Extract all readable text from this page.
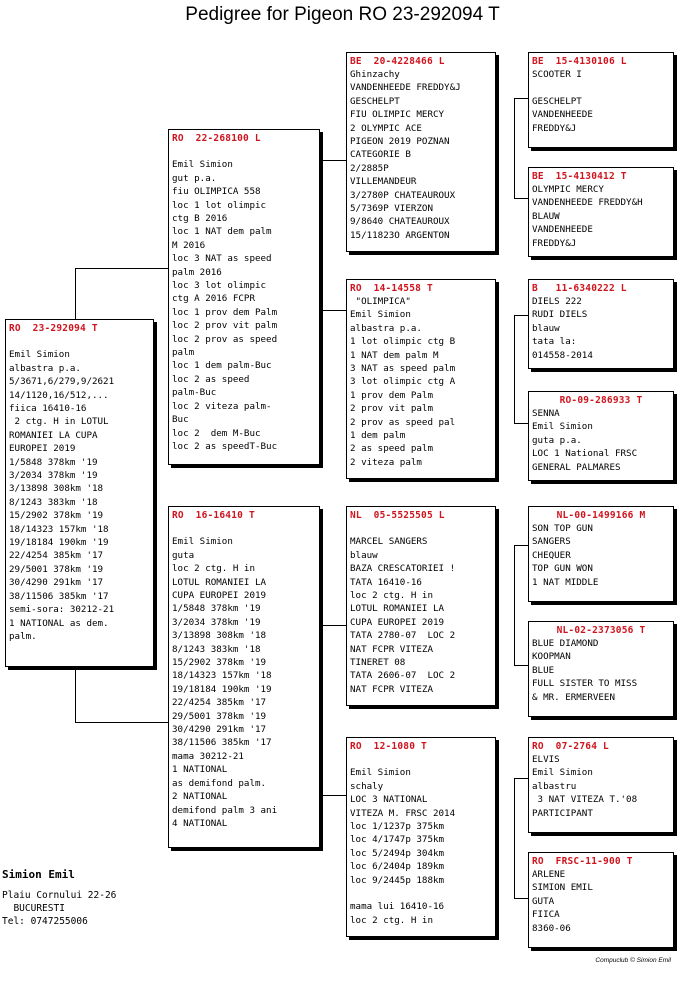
Pedigree for Pigeon RO 23-292094 T
RO  23-292094 T
Emil Simion
albastra p.a.
5/3671,6/279,9/2621
14/1120,16/512,...
fiica 16410-16
2 ctg. H in LOTUL
ROMANIEI LA CUPA
EUROPEI 2019
1/5848 378km '19
3/2034 378km '19
3/13898 308km '18
8/1243 383km '18
15/2902 378km '19
18/14323 157km '18
19/18184 190km '19
22/4254 385km '17
29/5001 378km '19
30/4290 291km '17
38/11506 385km '17
semi-sora: 30212-21
1 NATIONAL as dem.
palm.
RO  22-268100 L
Emil Simion
gut p.a.
fiu OLIMPICA 558
loc 1 lot olimpic
ctg B 2016
loc 1 NAT dem palm
M 2016
loc 3 NAT as speed
palm 2016
loc 3 lot olimpic
ctg A 2016 FCPR
loc 1 prov dem Palm
loc 2 prov vit palm
loc 2 prov as speed
palm
loc 1 dem palm-Buc
loc 2 as speed
palm-Buc
loc 2 viteza palm-
Buc
loc 2  dem M-Buc
loc 2 as speedT-Buc
RO  16-16410 T
Emil Simion
guta
loc 2 ctg. H in
LOTUL ROMANIEI LA
CUPA EUROPEI 2019
1/5848 378km '19
3/2034 378km '19
3/13898 308km '18
8/1243 383km '18
15/2902 378km '19
18/14323 157km '18
19/18184 190km '19
22/4254 385km '17
29/5001 378km '19
30/4290 291km '17
38/11506 385km '17
mama 30212-21
1 NATIONAL
as demifond palm.
2 NATIONAL
demifond palm 3 ani
4 NATIONAL
BE  20-4228466 L
Ghinzachy
VANDENHEEDE FREDDY&J
GESCHELPT
FIU OLIMPIC MERCY
2 OLYMPIC ACE
PIGEON 2019 POZNAN
CATEGORIE B
2/2885P
VILLEMANDEUR
3/2780P CHATEAUROUX
5/7369P VIERZON
9/8640 CHATEAUROUX
15/11823O ARGENTON
RO  14-14558 T
"OLIMPICA"
Emil Simion
albastra p.a.
1 lot olimpic ctg B
1 NAT dem palm M
3 NAT as speed palm
3 lot olimpic ctg A
1 prov dem Palm
2 prov vit palm
2 prov as speed pal
1 dem palm
2 as speed palm
2 viteza palm
NL  05-5525505 L
MARCEL SANGERS
blauw
BAZA CRESCATORIEI !
TATA 16410-16
loc 2 ctg. H in
LOTUL ROMANIEI LA
CUPA EUROPEI 2019
TATA 2780-07  LOC 2
NAT FCPR VITEZA
TINERET 08
TATA 2606-07  LOC 2
NAT FCPR VITEZA
RO  12-1080 T
Emil Simion
schaly
LOC 3 NATIONAL
VITEZA M. FRSC 2014
loc 1/1237p 375km
loc 4/1747p 375km
loc 5/2494p 304km
loc 6/2404p 189km
loc 9/2445p 188km
mama lui 16410-16
loc 2 ctg. H in
BE  15-4130106 L
SCOOTER I
GESCHELPT
VANDENHEEDE
FREDDY&J
BE  15-4130412 T
OLYMPIC MERCY
VANDENHEEDE FREDDY&H
BLAUW
VANDENHEEDE
FREDDY&J
B   11-6340222 L
DIELS 222
RUDI DIELS
blauw
tata la:
014558-2014
RO-09-286933 T
SENNA
Emil Simion
guta p.a.
LOC 1 National FRSC
GENERAL PALMARES
NL-00-1499166 M
SON TOP GUN
SANGERS
CHEQUER
TOP GUN WON
1 NAT MIDDLE
NL-02-2373056 T
BLUE DIAMOND
KOOPMAN
BLUE
FULL SISTER TO MISS
& MR. ERMERVEEN
RO  07-2764 L
ELVIS
Emil Simion
albastru
3 NAT VITEZA T.'08
PARTICIPANT
RO  FRSC-11-900 T
ARLENE
SIMION EMIL
GUTA
FIICA
8360-06
Simion Emil
Plaiu Cornului 22-26
BUCURESTI
Tel: 0747255006
Compuclub © Simion Emil
